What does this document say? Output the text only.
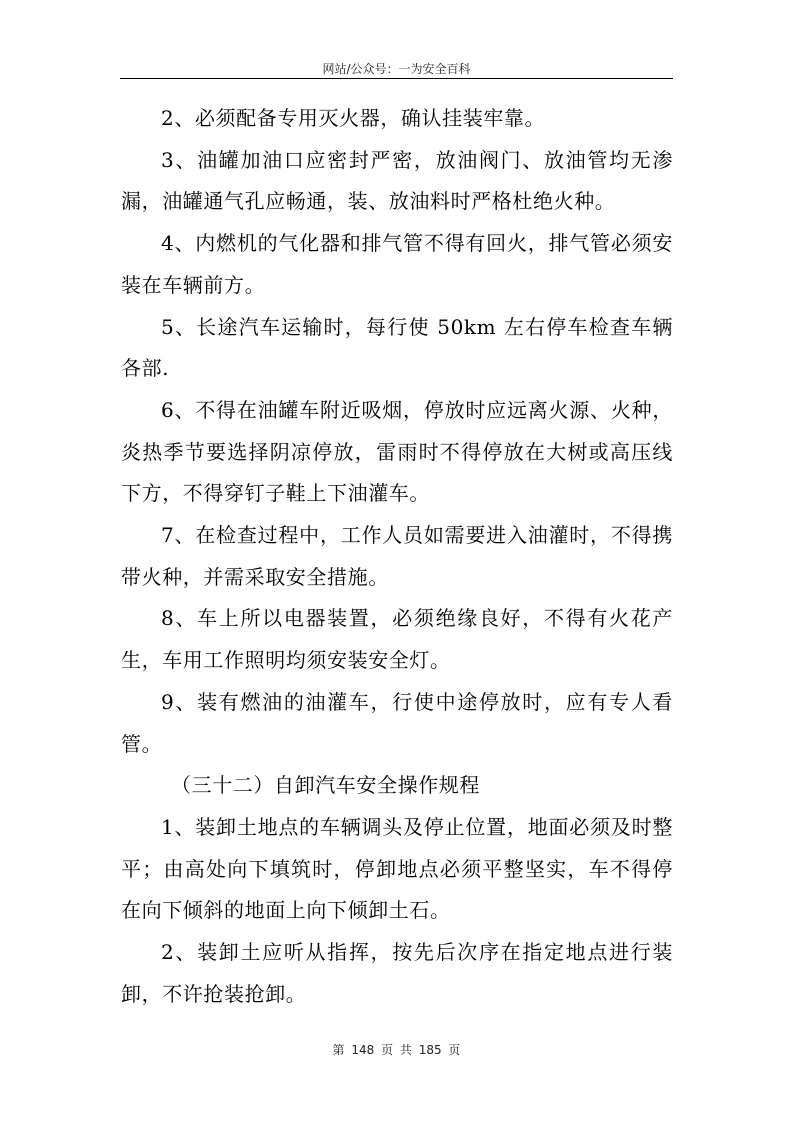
网站/公众号：一为安全百科

2、必须配备专用灭火器，确认挂装牢靠。

3、油罐加油口应密封严密，放油阀门、放油管均无渗漏，油罐通气孔应畅通，装、放油料时严格杜绝火种。

4、内燃机的气化器和排气管不得有回火，排气管必须安装在车辆前方。

5、长途汽车运输时，每行使 50km 左右停车检查车辆各部.

6、不得在油罐车附近吸烟，停放时应远离火源、火种，炎热季节要选择阴凉停放，雷雨时不得停放在大树或高压线下方，不得穿钉子鞋上下油灌车。

7、在检查过程中，工作人员如需要进入油灌时，不得携带火种，并需采取安全措施。

8、车上所以电器装置，必须绝缘良好，不得有火花产生，车用工作照明均须安装安全灯。

9、装有燃油的油灌车，行使中途停放时，应有专人看管。

（三十二）自卸汽车安全操作规程

1、装卸土地点的车辆调头及停止位置，地面必须及时整平；由高处向下填筑时，停卸地点必须平整坚实，车不得停在向下倾斜的地面上向下倾卸土石。

2、装卸土应听从指挥，按先后次序在指定地点进行装卸，不许抢装抢卸。

第 148 页 共 185 页
